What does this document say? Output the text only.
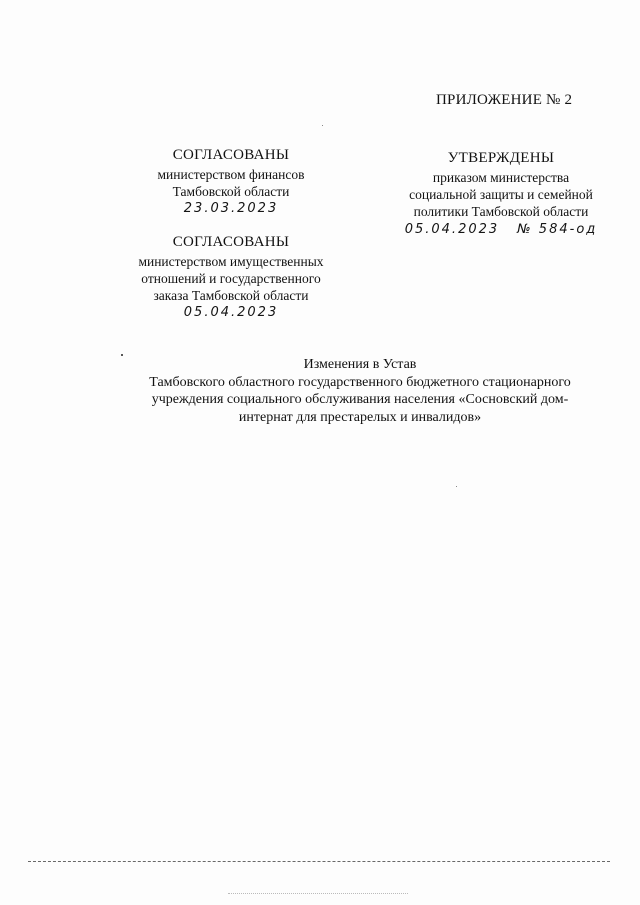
ПРИЛОЖЕНИЕ № 2
СОГЛАСОВАНЫ
министерством финансов
Тамбовской области
23.03.2023
СОГЛАСОВАНЫ
министерством имущественных
отношений и государственного
заказа Тамбовской области
05.04.2023
УТВЕРЖДЕНЫ
приказом министерства
социальной защиты и семейной
политики Тамбовской области
05.04.2023 № 584-од
Изменения в Устав
Тамбовского областного государственного бюджетного стационарного
учреждения социального обслуживания населения «Сосновский дом-
интернат для престарелых и инвалидов»
